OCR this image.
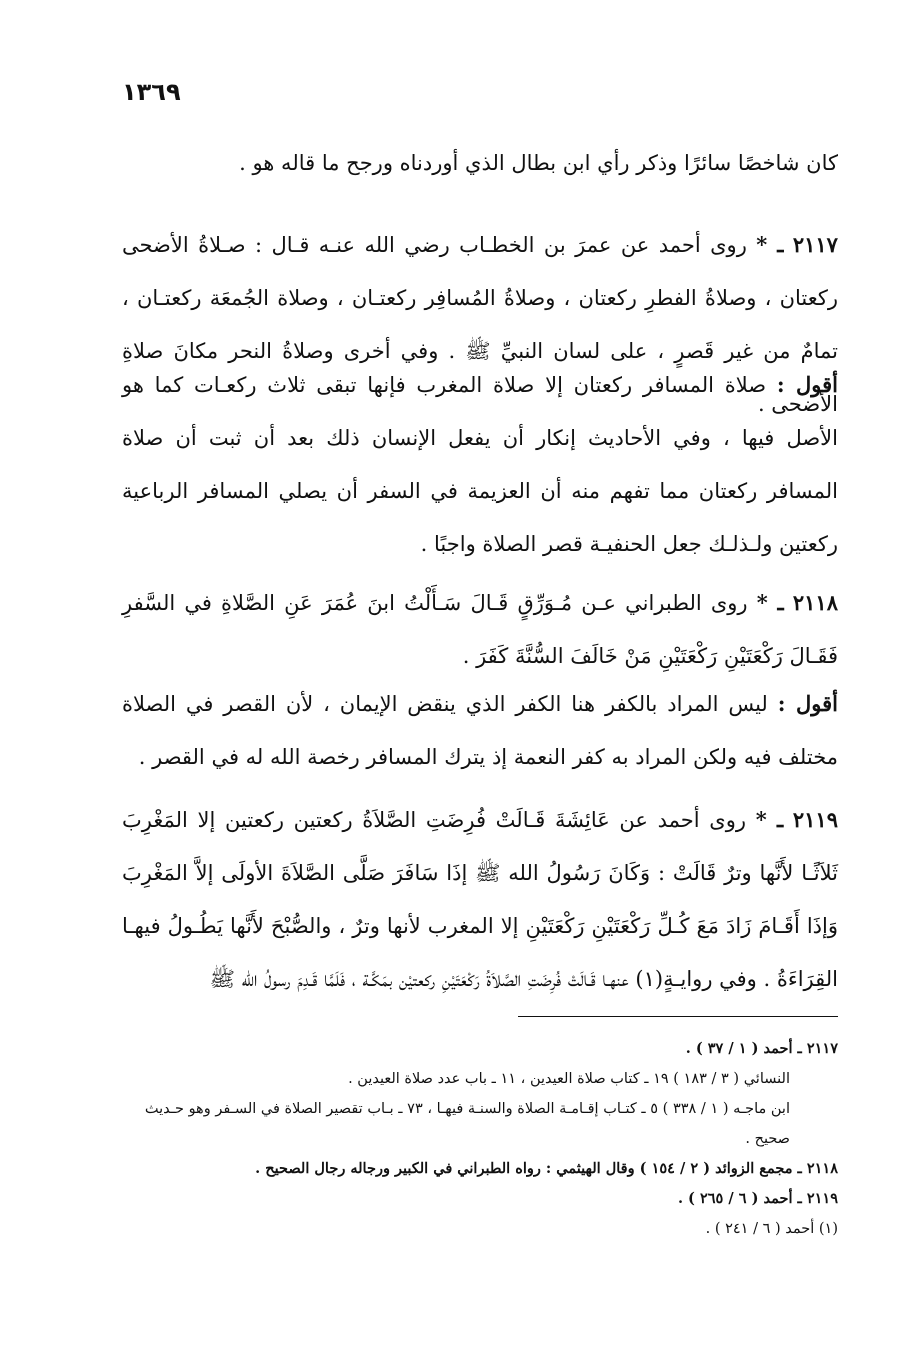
١٣٦٩
كان شاخصًا سائرًا وذكر رأي ابن بطال الذي أوردناه ورجح ما قاله هو .
٢١١٧ ـ * روى أحمد عن عمرَ بن الخطـاب رضي الله عنـه قـال : صـلاةُ الأضحى ركعتان ، وصلاةُ الفطرِ ركعتان ، وصلاةُ المُسافِر ركعتـان ، وصلاة الجُمعَة ركعتـان ، تمامٌ من غير قَصرٍ ، على لسان النبيِّ ﷺ . وفي أخرى وصلاةُ النحر مكانَ صلاةِ الأضحى .
أقول : صلاة المسافر ركعتان إلا صلاة المغرب فإنها تبقى ثلاث ركعـات كما هو الأصل فيها ، وفي الأحاديث إنكار أن يفعل الإنسان ذلك بعد أن ثبت أن صلاة المسافر ركعتان مما تفهم منه أن العزيمة في السفر أن يصلي المسافر الرباعية ركعتين ولـذلـك جعل الحنفيـة قصر الصلاة واجبًا .
٢١١٨ ـ * روى الطبراني عـن مُـوَرِّقٍ قَـالَ سَـأَلْتُ ابنَ عُمَرَ عَنِ الصَّلاةِ في السَّفرِ فَقَـالَ رَكْعَتَيْنِ رَكْعَتَيْنِ مَنْ خَالَفَ السُّنَّةَ كَفَرَ .
أقول : ليس المراد بالكفر هنا الكفر الذي ينقض الإيمان ، لأن القصر في الصلاة مختلف فيه ولكن المراد به كفر النعمة إذ يترك المسافر رخصة الله له في القصر .
٢١١٩ ـ * روى أحمد عن عَائِشَةَ قَـالَتْ فُرِضَتِ الصَّلاَةُ ركعتين ركعتين إلا المَغْرِبَ ثَلاَثًـا لأَنَّها وترٌ قَالَتْ : وَكَانَ رَسُولُ الله ﷺ إذَا سَافَرَ صَلَّى الصَّلاَةَ الأولَى إلاَّ المَغْرِبَ وَإذَا أَقَـامَ زَادَ مَعَ كُـلِّ رَكْعَتَيْنِ رَكْعَتَيْنِ إلا المغرب لأنها وترٌ ، والصُّبْحَ لأَنَّها يَطُـولُ فيهـا القِرَاءَةُ . وفي روايـةٍ(١) عنهـا قَـالَتْ فُرِضَتِ الصَّلاَةُ رَكْعَتَيْنِ ركعتيْن بمَكَّـة ، فَلَمَّا قَـدِمَ رسولُ الله ﷺ
٢١١٧ ـ أحمد ( ١ / ٣٧ ) .
النسائي ( ٣ / ١٨٣ ) ١٩ ـ كتاب صلاة العيدين ، ١١ ـ باب عدد صلاة العيدين .
ابن ماجـه ( ١ / ٣٣٨ ) ٥ ـ كتـاب إقـامـة الصلاة والسنـة فيهـا ، ٧٣ ـ بـاب تقصير الصلاة في السـفر وهو حـديث
صحيح .
٢١١٨ ـ مجمع الزوائد ( ٢ / ١٥٤ ) وقال الهيثمي : رواه الطبراني في الكبير ورجاله رجال الصحيح .
٢١١٩ ـ أحمد ( ٦ / ٢٦٥ ) .
(١) أحمد ( ٦ / ٢٤١ ) .
